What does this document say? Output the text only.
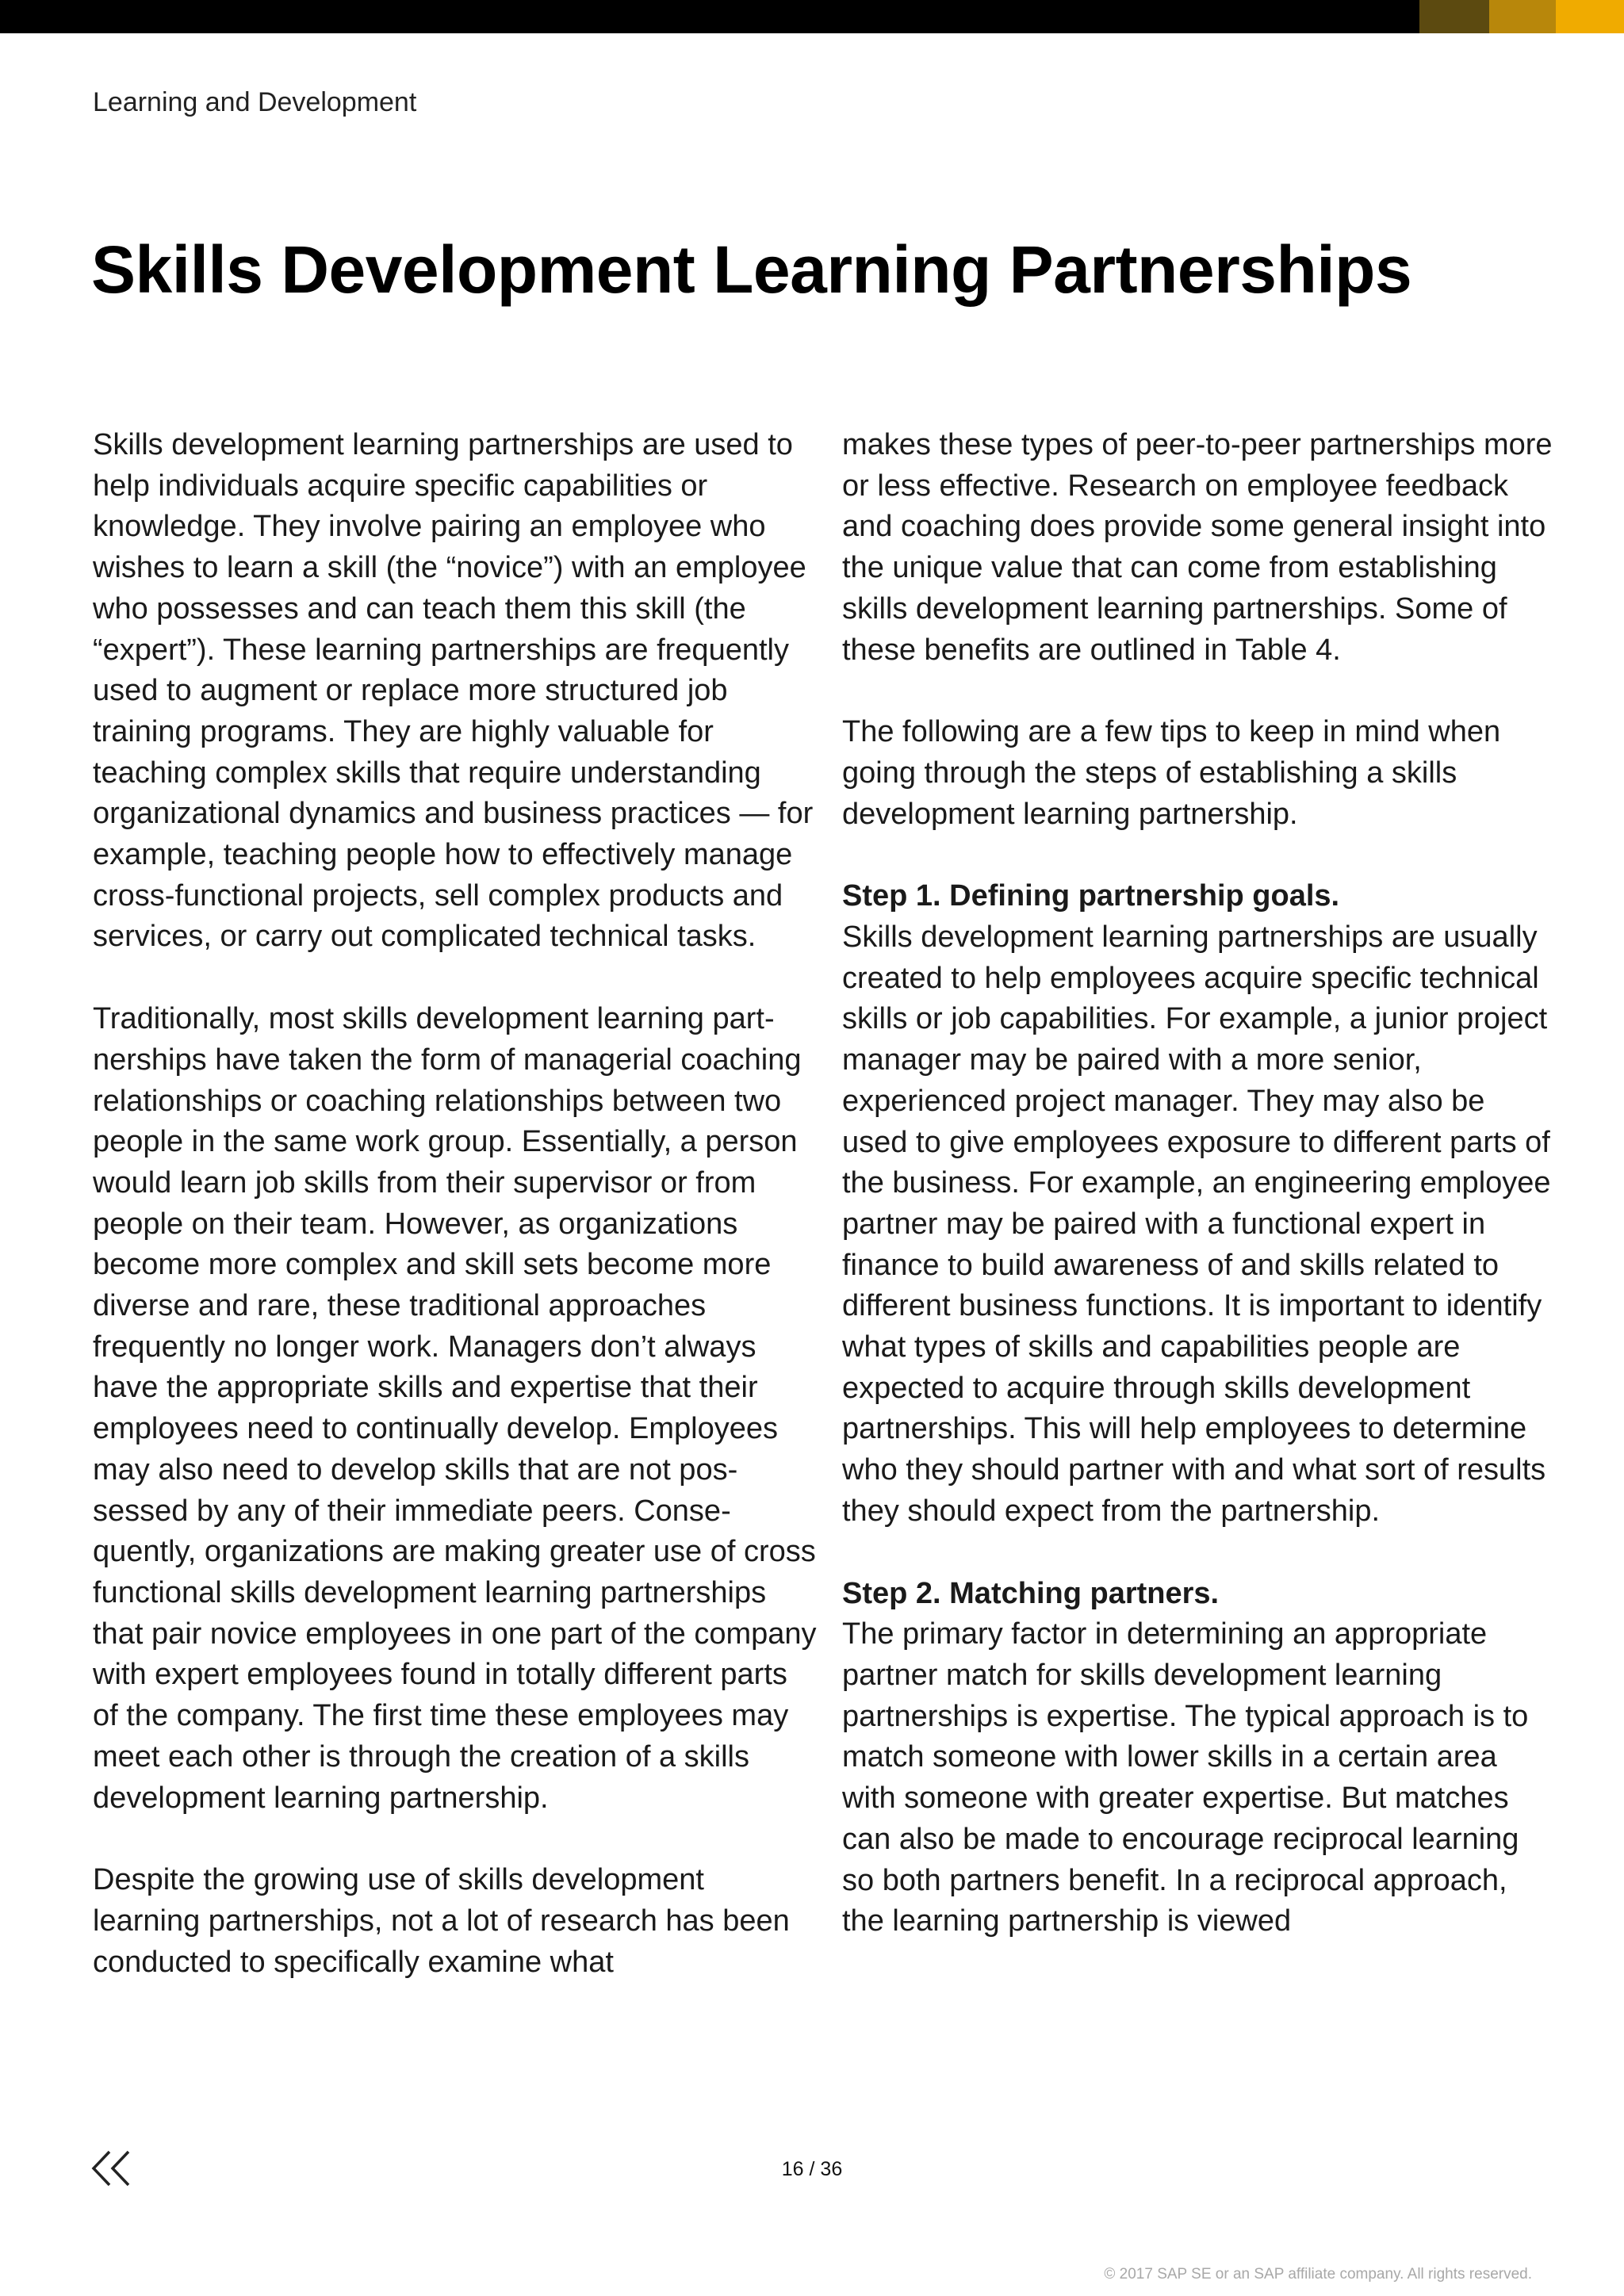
Learning and Development
Skills Development Learning Partnerships

Skills development learning partnerships are used to help individuals acquire specific capabilities or knowledge. They involve pairing an employee who wishes to learn a skill (the “novice”) with an employee who possesses and can teach them this skill (the “expert”). These learning partnerships are frequently used to augment or replace more structured job training programs. They are highly valuable for teaching complex skills that require understanding organizational dynamics and business practices — for example, teaching people how to effectively manage cross-functional projects, sell complex products and services, or carry out complicated technical tasks.

Traditionally, most skills development learning partnerships have taken the form of managerial coaching relationships or coaching relationships between two people in the same work group. Essentially, a person would learn job skills from their supervisor or from people on their team. However, as organizations become more complex and skill sets become more diverse and rare, these traditional approaches frequently no longer work. Managers don’t always have the appropriate skills and expertise that their employees need to continually develop. Employees may also need to develop skills that are not possessed by any of their immediate peers. Consequently, organizations are making greater use of cross functional skills development learning partnerships that pair novice employees in one part of the company with expert employees found in totally different parts of the company. The first time these employees may meet each other is through the creation of a skills development learning partnership.

Despite the growing use of skills development learning partnerships, not a lot of research has been conducted to specifically examine what

makes these types of peer-to-peer partnerships more or less effective. Research on employee feedback and coaching does provide some general insight into the unique value that can come from establishing skills development learning partnerships. Some of these benefits are outlined in Table 4.

The following are a few tips to keep in mind when going through the steps of establishing a skills development learning partnership.

Step 1. Defining partnership goals.

Skills development learning partnerships are usually created to help employees acquire specific technical skills or job capabilities. For example, a junior project manager may be paired with a more senior, experienced project manager. They may also be used to give employees exposure to different parts of the business. For example, an engineering employee partner may be paired with a functional expert in finance to build awareness of and skills related to different business functions. It is important to identify what types of skills and capabilities people are expected to acquire through skills development partnerships. This will help employees to determine who they should partner with and what sort of results they should expect from the partnership.

Step 2. Matching partners.

The primary factor in determining an appropriate partner match for skills development learning partnerships is expertise. The typical approach is to match someone with lower skills in a certain area with someone with greater expertise. But matches can also be made to encourage reciprocal learning so both partners benefit. In a reciprocal approach, the learning partnership is viewed

16 / 36
© 2017 SAP SE or an SAP affiliate company. All rights reserved.
